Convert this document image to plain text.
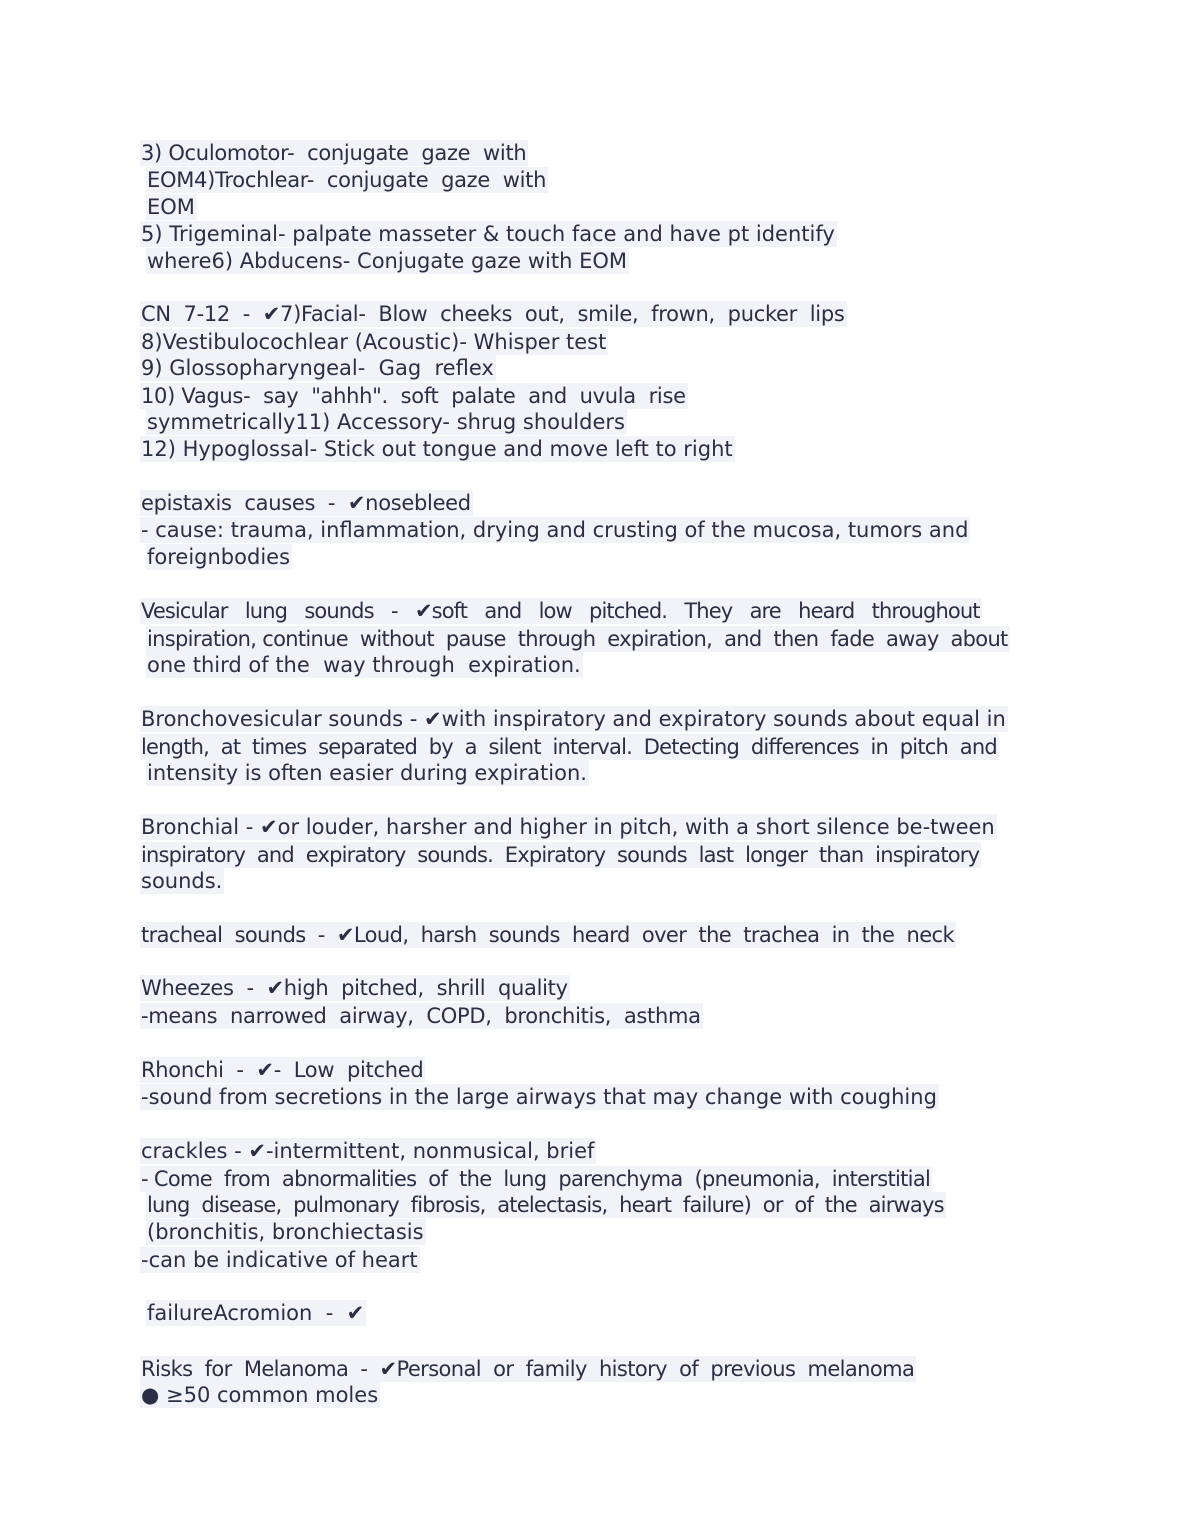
3) Oculomotor-  conjugate  gaze  with
EOM4)Trochlear-  conjugate  gaze  with
EOM
5) Trigeminal- palpate masseter & touch face and have pt identify
where6) Abducens- Conjugate gaze with EOM
CN  7-12  -  ✔7)Facial-  Blow  cheeks  out,  smile,  frown,  pucker  lips
8)Vestibulocochlear (Acoustic)- Whisper test
9) Glossopharyngeal-  Gag  reflex
10) Vagus-  say  "ahhh".  soft  palate  and  uvula  rise
symmetrically11) Accessory- shrug shoulders
12) Hypoglossal- Stick out tongue and move left to right
epistaxis  causes  -  ✔nosebleed
- cause: trauma, inflammation, drying and crusting of the mucosa, tumors and
foreignbodies
Vesicular   lung   sounds   -   ✔soft   and   low   pitched.   They   are   heard   throughout
inspiration, continue  without  pause  through  expiration,  and  then  fade  away  about
one third of the  way through  expiration.
Bronchovesicular sounds - ✔with inspiratory and expiratory sounds about equal in
length,  at  times  separated  by  a  silent  interval.  Detecting  differences  in  pitch  and
intensity is often easier during expiration.
Bronchial - ✔or louder, harsher and higher in pitch, with a short silence be-tween
inspiratory  and  expiratory  sounds.  Expiratory  sounds  last  longer  than  inspiratory
sounds.
tracheal  sounds  -  ✔Loud,  harsh  sounds  heard  over  the  trachea  in  the  neck
Wheezes  -  ✔high  pitched,  shrill  quality
-means  narrowed  airway,  COPD,  bronchitis,  asthma
Rhonchi  -  ✔-  Low  pitched
-sound from secretions in the large airways that may change with coughing
crackles - ✔-intermittent, nonmusical, brief
- Come  from  abnormalities  of  the  lung  parenchyma  (pneumonia,  interstitial
lung  disease,  pulmonary  fibrosis,  atelectasis,  heart  failure)  or  of  the  airways
(bronchitis, bronchiectasis
-can be indicative of heart
failureAcromion  -  ✔
Risks  for  Melanoma  -  ✔Personal  or  family  history  of  previous  melanoma
● ≥50 common moles
